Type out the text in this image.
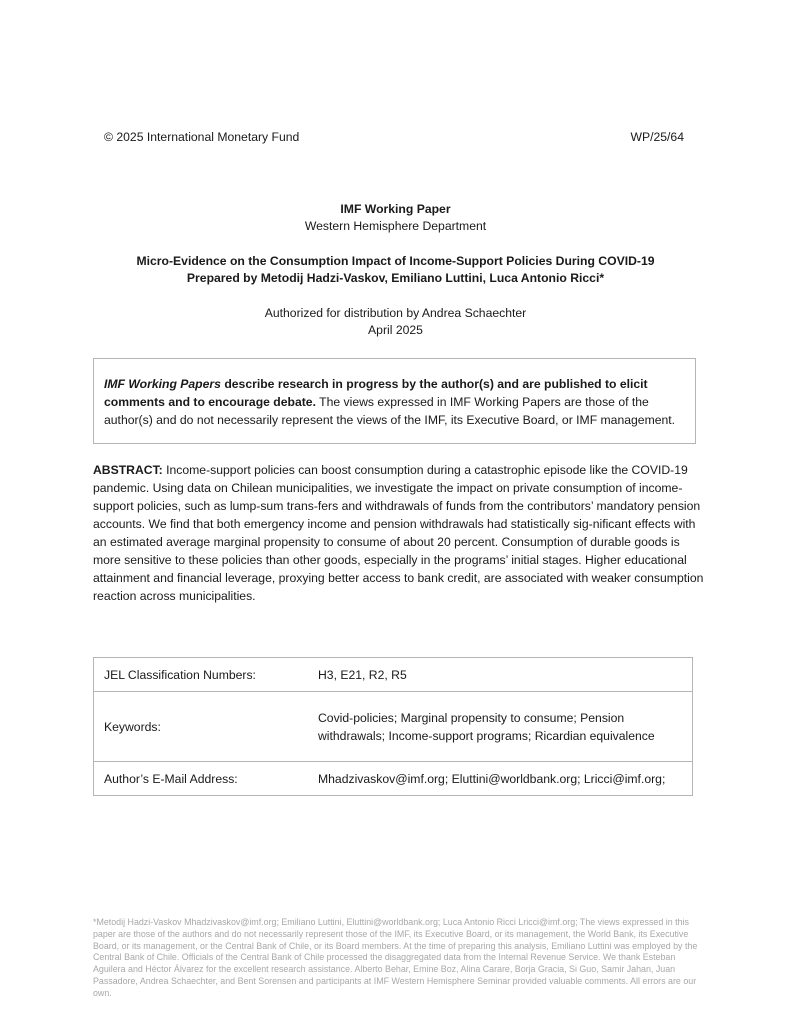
© 2025 International Monetary Fund	WP/25/64
IMF Working Paper
Western Hemisphere Department
Micro-Evidence on the Consumption Impact of Income-Support Policies During COVID-19
Prepared by Metodij Hadzi-Vaskov, Emiliano Luttini, Luca Antonio Ricci*
Authorized for distribution by Andrea Schaechter
April 2025
IMF Working Papers describe research in progress by the author(s) and are published to elicit comments and to encourage debate. The views expressed in IMF Working Papers are those of the author(s) and do not necessarily represent the views of the IMF, its Executive Board, or IMF management.
ABSTRACT: Income-support policies can boost consumption during a catastrophic episode like the COVID-19 pandemic. Using data on Chilean municipalities, we investigate the impact on private consumption of income-support policies, such as lump-sum trans-fers and withdrawals of funds from the contributors’ mandatory pension accounts. We find that both emergency income and pension withdrawals had statistically sig-nificant effects with an estimated average marginal propensity to consume of about 20 percent. Consumption of durable goods is more sensitive to these policies than other goods, especially in the programs’ initial stages. Higher educational attainment and financial leverage, proxying better access to bank credit, are associated with weaker consumption reaction across municipalities.
JEL Classification Numbers:	H3, E21, R2, R5
Keywords:	Covid-policies; Marginal propensity to consume; Pension withdrawals; Income-support programs; Ricardian equivalence
Author’s E-Mail Address:	Mhadzivaskov@imf.org; Eluttini@worldbank.org; Lricci@imf.org;
*Metodij Hadzi-Vaskov Mhadzivaskov@imf.org; Emiliano Luttini, Eluttini@worldbank.org; Luca Antonio Ricci Lricci@imf.org; The views expressed in this paper are those of the authors and do not necessarily represent those of the IMF, its Executive Board, or its management, the World Bank, its Executive Board, or its management, or the Central Bank of Chile, or its Board members. At the time of preparing this analysis, Emiliano Luttini was employed by the Central Bank of Chile. Officials of the Central Bank of Chile processed the disaggregated data from the Internal Revenue Service. We thank Esteban Aguilera and Héctor Álvarez for the excellent research assistance. Alberto Behar, Emine Boz, Alina Carare, Borja Gracia, Si Guo, Samir Jahan, Juan Passadore, Andrea Schaechter, and Bent Sorensen and participants at IMF Western Hemisphere Seminar provided valuable comments. All errors are our own.
